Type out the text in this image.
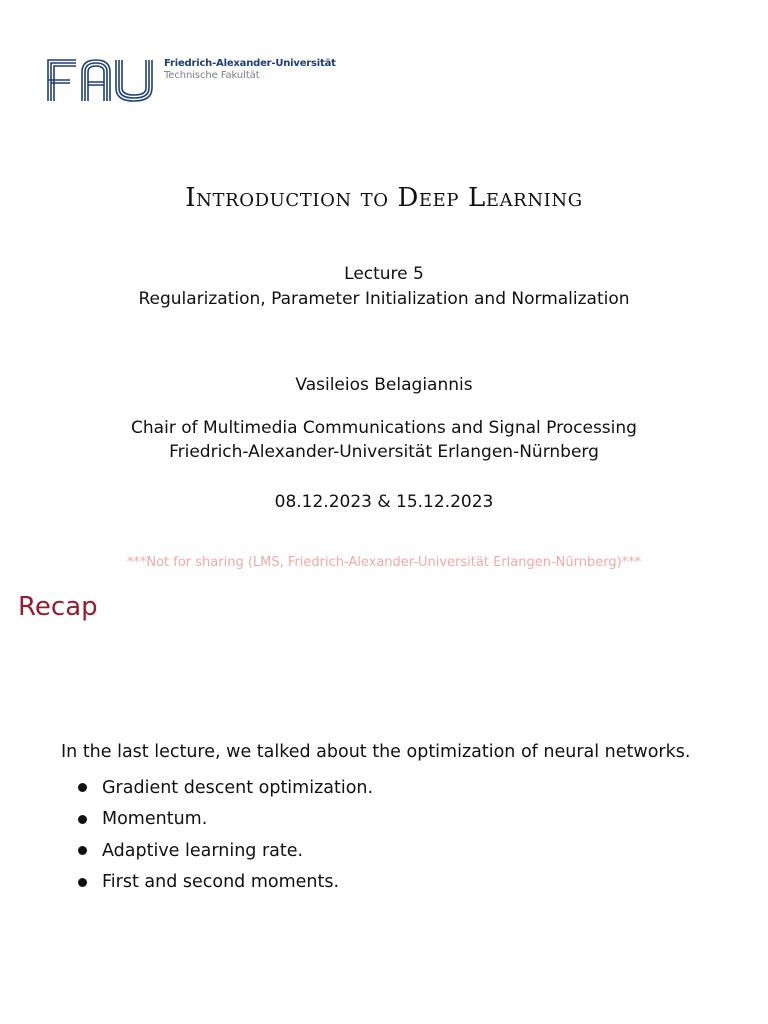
Friedrich-Alexander-Universität
Technische Fakultät
Introduction to Deep Learning
Lecture 5
Regularization, Parameter Initialization and Normalization
Vasileios Belagiannis
Chair of Multimedia Communications and Signal Processing
Friedrich-Alexander-Universität Erlangen-Nürnberg
08.12.2023 & 15.12.2023
***Not for sharing (LMS, Friedrich-Alexander-Universität Erlangen-Nürnberg)***
Recap
In the last lecture, we talked about the optimization of neural networks.
Gradient descent optimization.
Momentum.
Adaptive learning rate.
First and second moments.
